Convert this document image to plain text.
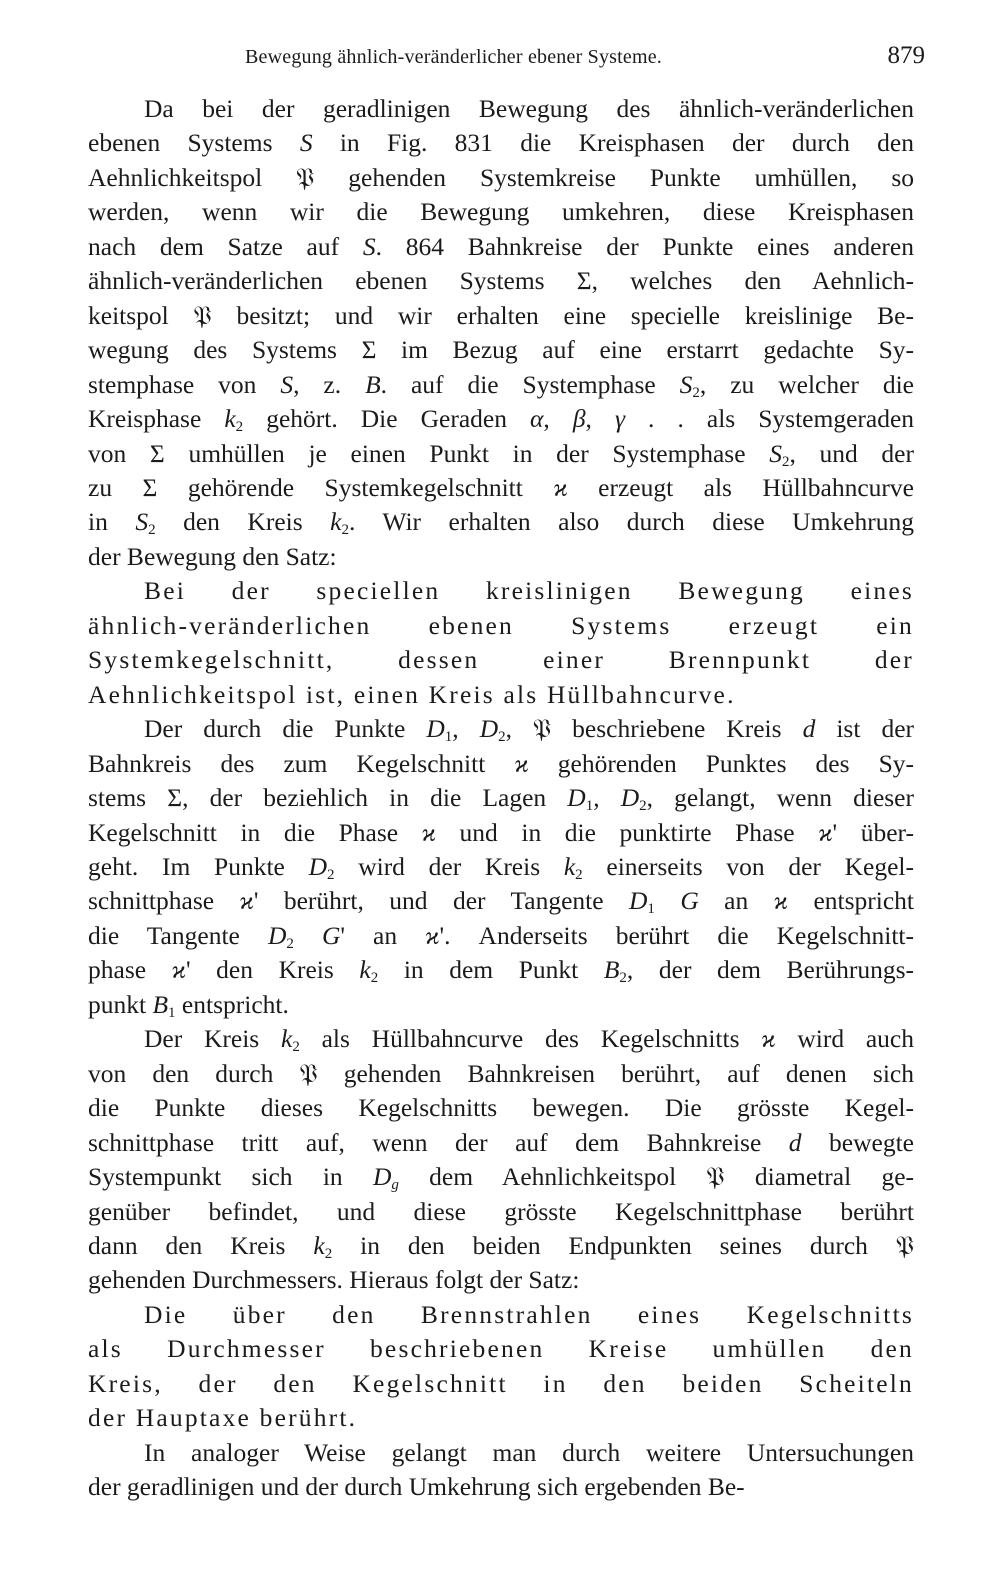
Bewegung ähnlich-veränderlicher ebener Systeme.	879
Da bei der geradlinigen Bewegung des ähnlich-veränderlichen
ebenen Systems S in Fig. 831 die Kreisphasen der durch den
Aehnlichkeitspol 𝔓 gehenden Systemkreise Punkte umhüllen, so
werden, wenn wir die Bewegung umkehren, diese Kreisphasen
nach dem Satze auf S. 864 Bahnkreise der Punkte eines anderen
ähnlich-veränderlichen ebenen Systems Σ, welches den Aehnlich-
keitspol 𝔓 besitzt; und wir erhalten eine specielle kreislinige Be-
wegung des Systems Σ im Bezug auf eine erstarrt gedachte Sy-
stemphase von S, z. B. auf die Systemphase $S_2$, zu welcher die
Kreisphase $k_2$ gehört. Die Geraden α, β, γ . . als Systemgeraden
von Σ umhüllen je einen Punkt in der Systemphase $S_2$, und der
zu Σ gehörende Systemkegelschnitt ϰ erzeugt als Hüllbahncurve
in $S_2$ den Kreis $k_2$. Wir erhalten also durch diese Umkehrung
der Bewegung den Satz:
Bei der speciellen kreislinigen Bewegung eines
ähnlich-veränderlichen ebenen Systems erzeugt ein
Systemkegelschnitt, dessen einer Brennpunkt der
Aehnlichkeitspol ist, einen Kreis als Hüllbahncurve.
Der durch die Punkte $D_1$, $D_2$, 𝔓 beschriebene Kreis d ist der
Bahnkreis des zum Kegelschnitt ϰ gehörenden Punktes des Sy-
stems Σ, der beziehlich in die Lagen $D_1$, $D_2$, gelangt, wenn dieser
Kegelschnitt in die Phase ϰ und in die punktirte Phase ϰ' über-
geht. Im Punkte $D_2$ wird der Kreis $k_2$ einerseits von der Kegel-
schnittphase ϰ' berührt, und der Tangente $D_1$ G an ϰ entspricht
die Tangente $D_2$ G' an ϰ'. Anderseits berührt die Kegelschnitt-
phase ϰ' den Kreis $k_2$ in dem Punkt $B_2$, der dem Berührungs-
punkt $B_1$ entspricht.
Der Kreis $k_2$ als Hüllbahncurve des Kegelschnitts ϰ wird auch
von den durch 𝔓 gehenden Bahnkreisen berührt, auf denen sich
die Punkte dieses Kegelschnitts bewegen. Die grösste Kegel-
schnittphase tritt auf, wenn der auf dem Bahnkreise d bewegte
Systempunkt sich in $D_g$ dem Aehnlichkeitspol 𝔓 diametral ge-
genüber befindet, und diese grösste Kegelschnittphase berührt
dann den Kreis $k_2$ in den beiden Endpunkten seines durch 𝔓
gehenden Durchmessers. Hieraus folgt der Satz:
Die über den Brennstrahlen eines Kegelschnitts
als Durchmesser beschriebenen Kreise umhüllen den
Kreis, der den Kegelschnitt in den beiden Scheiteln
der Hauptaxe berührt.
In analoger Weise gelangt man durch weitere Untersuchungen
der geradlinigen und der durch Umkehrung sich ergebenden Be-
